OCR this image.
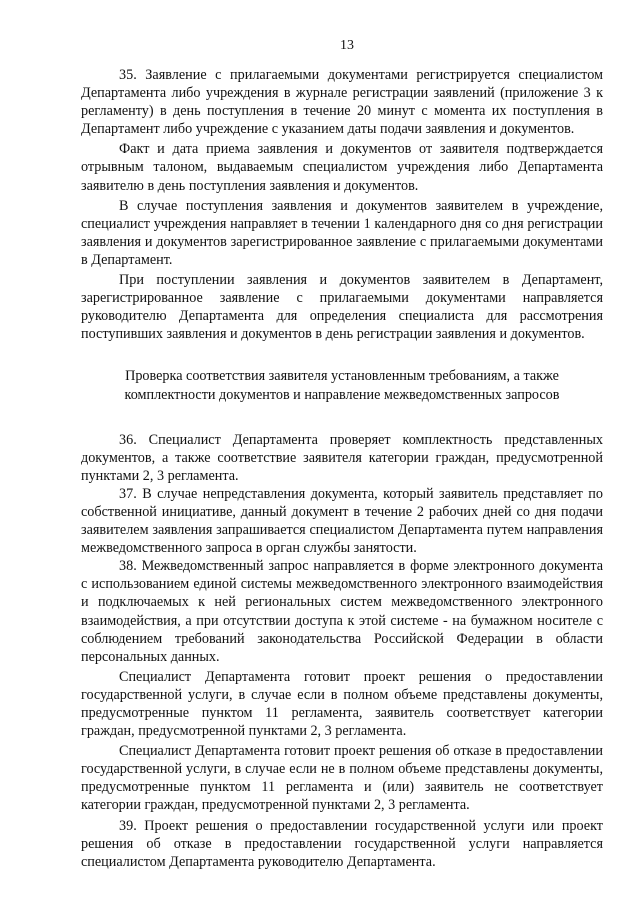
13

35. Заявление с прилагаемыми документами регистрируется специалистом Департамента либо учреждения в журнале регистрации заявлений (приложение 3 к регламенту) в день поступления в течение 20 минут с момента их поступления в Департамент либо учреждение с указанием даты подачи заявления и документов.

Факт и дата приема заявления и документов от заявителя подтверждается отрывным талоном, выдаваемым специалистом учреждения либо Департамента заявителю в день поступления заявления и документов.

В случае поступления заявления и документов заявителем в учреждение, специалист учреждения направляет в течении 1 календарного дня со дня регистрации заявления и документов зарегистрированное заявление с прилагаемыми документами в Департамент.

При поступлении заявления и документов заявителем в Департамент, зарегистрированное заявление с прилагаемыми документами направляется руководителю Департамента для определения специалиста для рассмотрения поступивших заявления и документов в день регистрации заявления и документов.

Проверка соответствия заявителя установленным требованиям, а также комплектности документов и направление межведомственных запросов

36. Специалист Департамента проверяет комплектность представленных документов, а также соответствие заявителя категории граждан, предусмотренной пунктами 2, 3 регламента.

37. В случае непредставления документа, который заявитель представляет по собственной инициативе, данный документ в течение 2 рабочих дней со дня подачи заявителем заявления запрашивается специалистом Департамента путем направления межведомственного запроса в орган службы занятости.

38. Межведомственный запрос направляется в форме электронного документа с использованием единой системы межведомственного электронного взаимодействия и подключаемых к ней региональных систем межведомственного электронного взаимодействия, а при отсутствии доступа к этой системе - на бумажном носителе с соблюдением требований законодательства Российской Федерации в области персональных данных.

Специалист Департамента готовит проект решения о предоставлении государственной услуги, в случае если в полном объеме представлены документы, предусмотренные пунктом 11 регламента, заявитель соответствует категории граждан, предусмотренной пунктами 2, 3 регламента.

Специалист Департамента готовит проект решения об отказе в предоставлении государственной услуги, в случае если не в полном объеме представлены документы, предусмотренные пунктом 11 регламента и (или) заявитель не соответствует категории граждан, предусмотренной пунктами 2, 3 регламента.

39. Проект решения о предоставлении государственной услуги или проект решения об отказе в предоставлении государственной услуги направляется специалистом Департамента руководителю Департамента.
